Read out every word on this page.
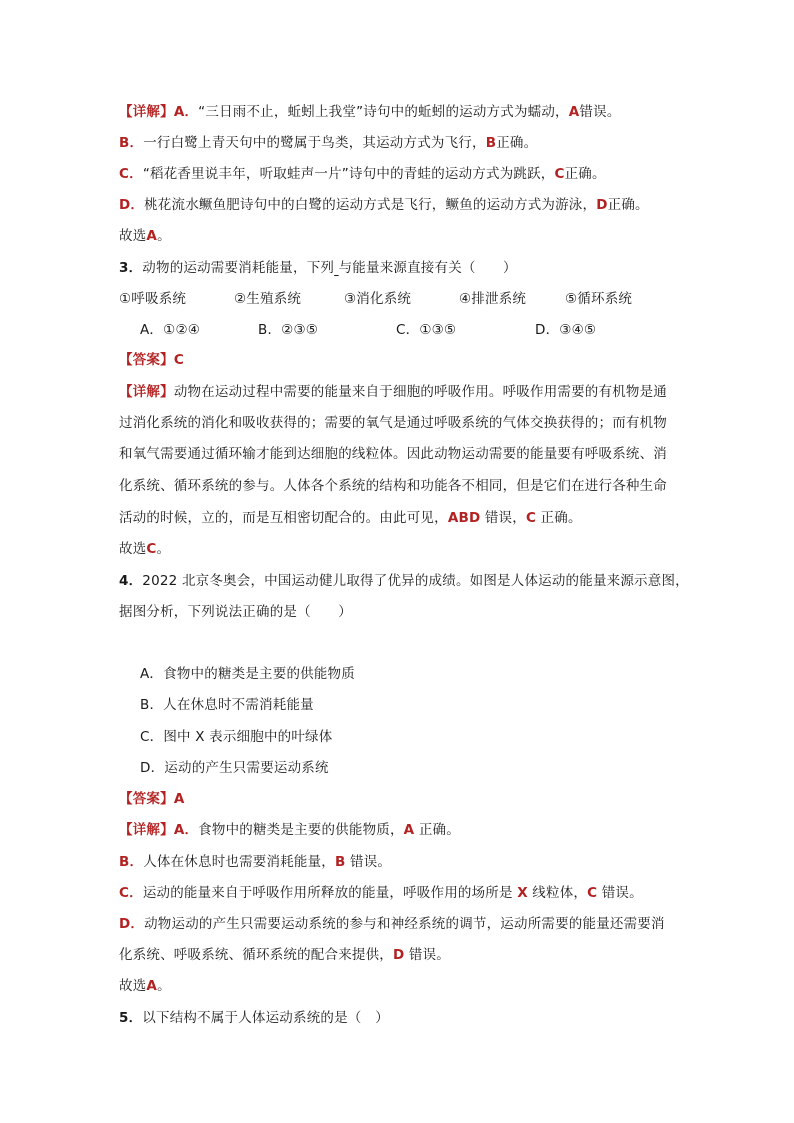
【详解】A．“三日雨不止，蚯蚓上我堂”诗句中的蚯蚓的运动方式为蠕动，A错误。
B．一行白鹭上青天句中的鹭属于鸟类，其运动方式为飞行，B正确。
C．“稻花香里说丰年，听取蛙声一片”诗句中的青蛙的运动方式为跳跃，C正确。
D．桃花流水鳜鱼肥诗句中的白鹭的运动方式是飞行，鳜鱼的运动方式为游泳，D正确。
故选A。
3．动物的运动需要消耗能量，下列 与能量来源直接有关（　　）
①呼吸系统	②生殖系统	③消化系统	④排泄系统	⑤循环系统
A．①②④	B．②③⑤	C．①③⑤	D．③④⑤
【答案】C
【详解】动物在运动过程中需要的能量来自于细胞的呼吸作用。呼吸作用需要的有机物是通
过消化系统的消化和吸收获得的；需要的氧气是通过呼吸系统的气体交换获得的；而有机物
和氧气需要通过循环输才能到达细胞的线粒体。因此动物运动需要的能量要有呼吸系统、消
化系统、循环系统的参与。人体各个系统的结构和功能各不相同，但是它们在进行各种生命
活动的时候，立的，而是互相密切配合的。由此可见，ABD 错误，C 正确。
故选C。
4．2022 北京冬奥会，中国运动健儿取得了优异的成绩。如图是人体运动的能量来源示意图，
据图分析，下列说法正确的是（　　）
A．食物中的糖类是主要的供能物质
B．人在休息时不需消耗能量
C．图中 X 表示细胞中的叶绿体
D．运动的产生只需要运动系统
【答案】A
【详解】A．食物中的糖类是主要的供能物质，A 正确。
B．人体在休息时也需要消耗能量，B 错误。
C．运动的能量来自于呼吸作用所释放的能量，呼吸作用的场所是 X 线粒体，C 错误。
D．动物运动的产生只需要运动系统的参与和神经系统的调节，运动所需要的能量还需要消
化系统、呼吸系统、循环系统的配合来提供，D 错误。
故选A。
5．以下结构不属于人体运动系统的是（　）
